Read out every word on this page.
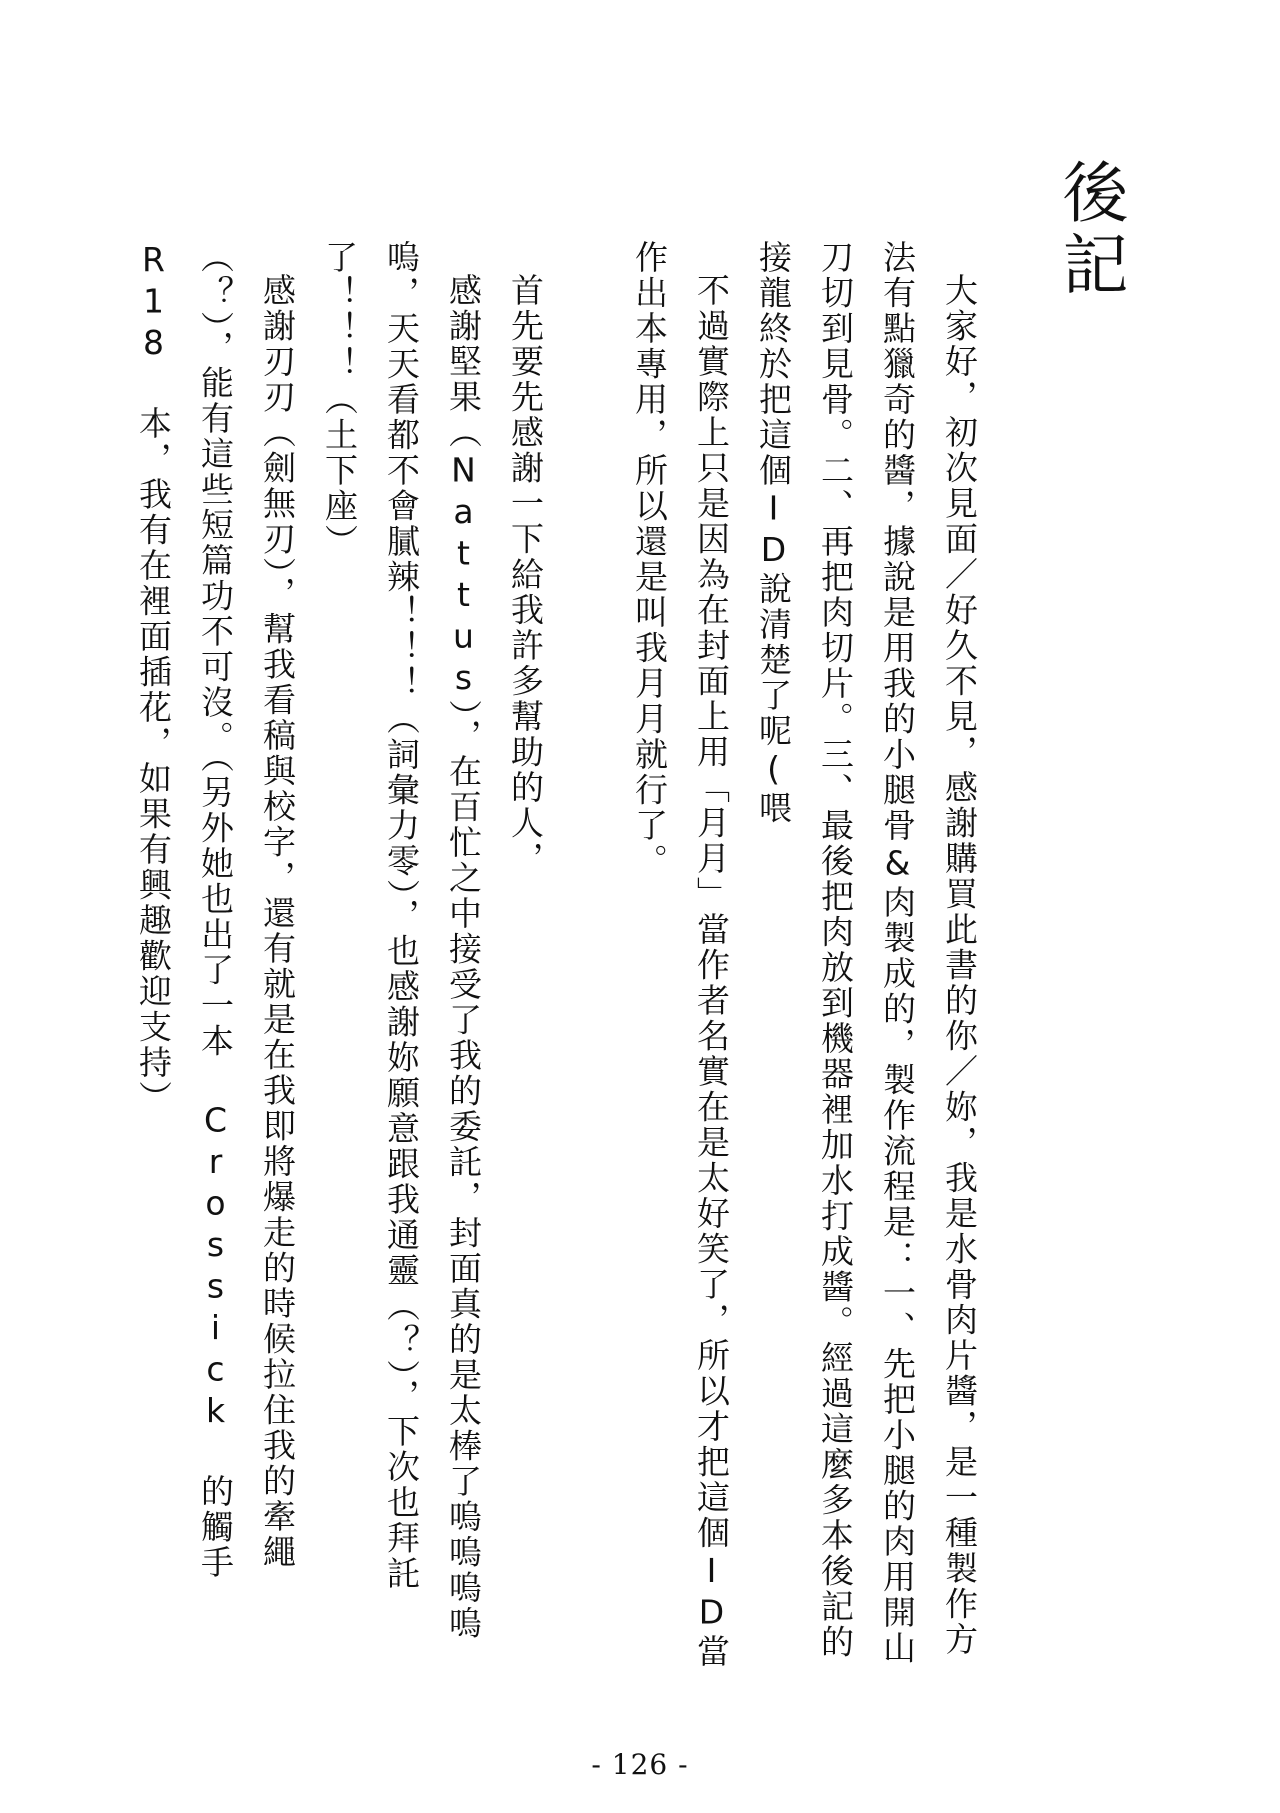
後記

大家好，初次見面／好久不見，感謝購買此書的你／妳，我是水骨肉片醬，是一種製作方法有點獵奇的醬，據說是用我的小腿骨&肉製成的，製作流程是：一、先把小腿的肉用開山刀切到見骨。二、再把肉切片。三、最後把肉放到機器裡加水打成醬。經過這麼多本後記的接龍終於把這個ID說清楚了呢(喂

不過實際上只是因為在封面上用「月月」當作者名實在是太好笑了，所以才把這個ID當作出本專用，所以還是叫我月月就行了。

首先要先感謝一下給我許多幫助的人，

感謝堅果（Nattus），在百忙之中接受了我的委託，封面真的是太棒了嗚嗚嗚嗚嗚，天天看都不會膩辣！！！（詞彙力零），也感謝妳願意跟我通靈（？），下次也拜託了！！！（土下座）

感謝刃刃（劍無刃），幫我看稿與校字，還有就是在我即將爆走的時候拉住我的牽繩（？），能有這些短篇功不可沒。（另外她也出了一本 Crossick 的觸手 R18 本，我有在裡面插花，如果有興趣歡迎支持）

- 126 -
